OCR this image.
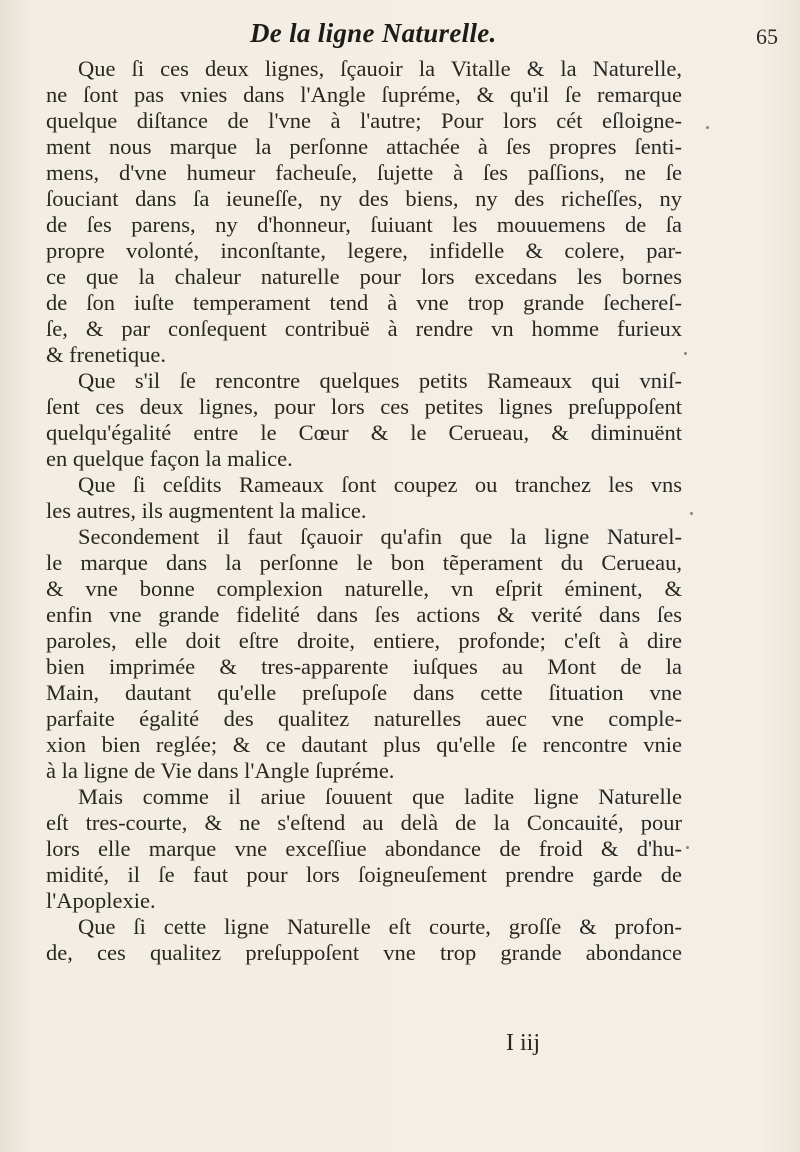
De la ligne Naturelle.	65
Que ſi ces deux lignes, ſçauoir la Vitalle & la Naturelle,
ne ſont pas vnies dans l'Angle ſupréme, & qu'il ſe remarque
quelque diſtance de l'vne à l'autre; Pour lors cét eſloigne-
ment nous marque la perſonne attachée à ſes propres ſenti-
mens, d'vne humeur facheuſe, ſujette à ſes paſſions, ne ſe
ſouciant dans ſa ieuneſſe, ny des biens, ny des richeſſes, ny
de ſes parens, ny d'honneur, ſuiuant les mouuemens de ſa
propre volonté, inconſtante, legere, infidelle & colere, par-
ce que la chaleur naturelle pour lors excedans les bornes
de ſon iuſte temperament tend à vne trop grande ſechereſ-
ſe, & par conſequent contribuë à rendre vn homme furieux
& frenetique.
Que s'il ſe rencontre quelques petits Rameaux qui vniſ-
ſent ces deux lignes, pour lors ces petites lignes preſuppoſent
quelqu'égalité entre le Cœur & le Cerueau, & diminuënt
en quelque façon la malice.
Que ſi ceſdits Rameaux ſont coupez ou tranchez les vns
les autres, ils augmentent la malice.
Secondement il faut ſçauoir qu'afin que la ligne Naturel-
le marque dans la perſonne le bon tẽperament du Cerueau,
& vne bonne complexion naturelle, vn eſprit éminent, &
enfin vne grande fidelité dans ſes actions & verité dans ſes
paroles, elle doit eſtre droite, entiere, profonde; c'eſt à dire
bien imprimée & tres-apparente iuſques au Mont de la
Main, dautant qu'elle preſupoſe dans cette ſituation vne
parfaite égalité des qualitez naturelles auec vne comple-
xion bien reglée; & ce dautant plus qu'elle ſe rencontre vnie
à la ligne de Vie dans l'Angle ſupréme.
Mais comme il ariue ſouuent que ladite ligne Naturelle
eſt tres-courte, & ne s'eſtend au delà de la Concauité, pour
lors elle marque vne exceſſiue abondance de froid & d'hu-
midité, il ſe faut pour lors ſoigneuſement prendre garde de
l'Apoplexie.
Que ſi cette ligne Naturelle eſt courte, groſſe & profon-
de, ces qualitez preſuppoſent vne trop grande abondance
I iij
